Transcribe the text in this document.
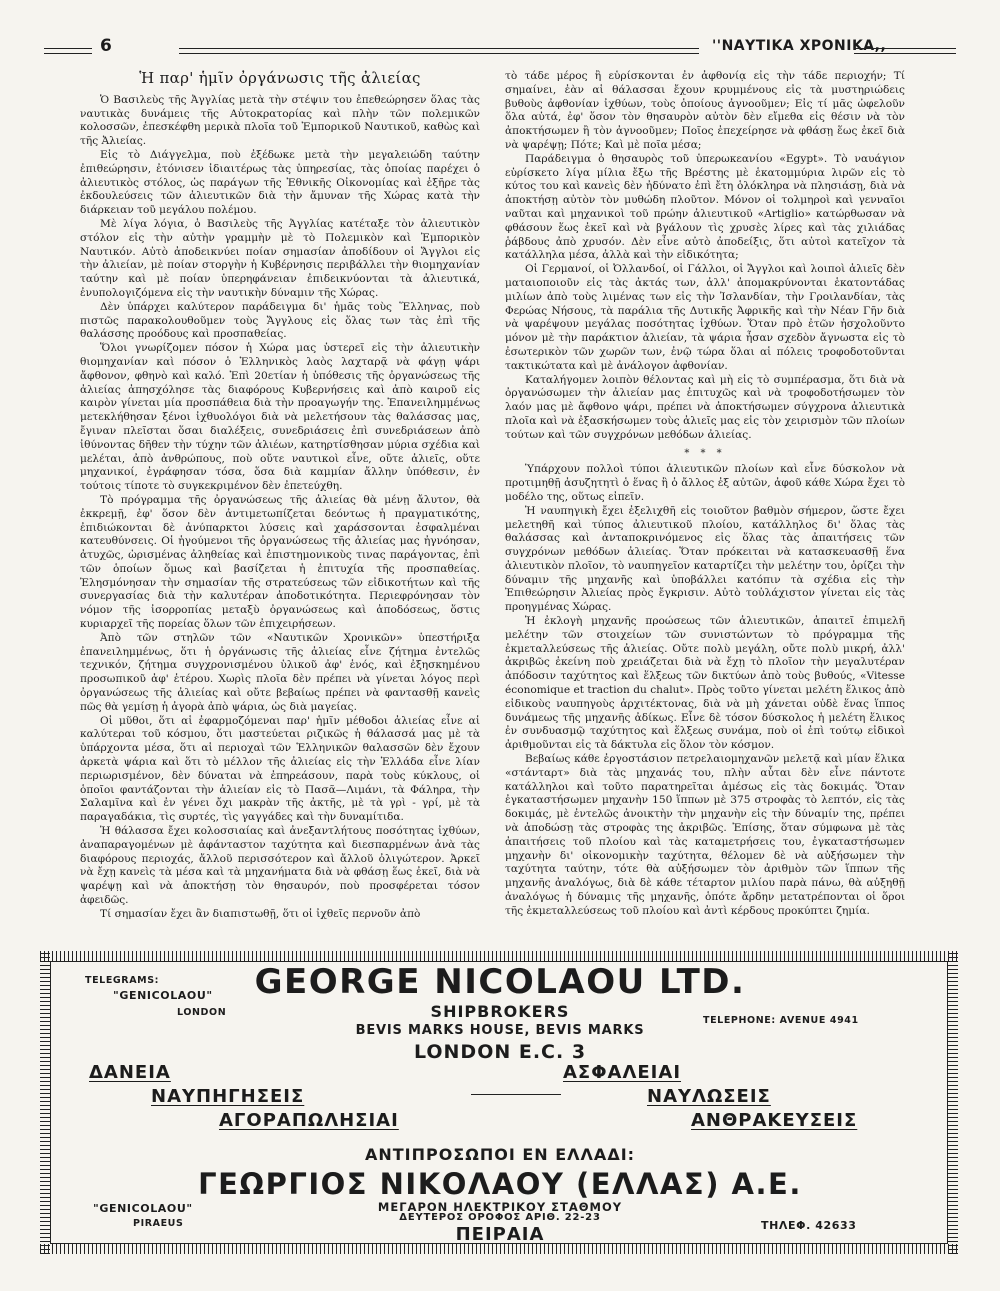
6	''ΝΑΥΤΙΚΑ ΧΡΟΝΙΚΑ,,
Ἡ παρ' ἡμῖν ὀργάνωσις τῆς ἀλιείας

Ὁ Βασιλεὺς τῆς Ἀγγλίας μετὰ τὴν στέψιν του ἐπεθεώρησεν ὅλας τὰς ναυτικὰς δυνάμεις τῆς Αὐτοκρατορίας καὶ πλὴν τῶν πολεμικῶν κολοσσῶν, ἐπεσκέφθη μερικὰ πλοῖα τοῦ Ἐμπορικοῦ Ναυτικοῦ, καθὼς καὶ τῆς Ἀλιείας.

Εἰς τὸ Διάγγελμα, ποὺ ἐξέδωκε μετὰ τὴν μεγαλειώδη ταύτην ἐπιθεώρησιν, ἐτόνισεν ἰδιαιτέρως τὰς ὑπηρεσίας, τὰς ὁποίας παρέχει ὁ ἀλιευτικὸς στόλος, ὡς παράγων τῆς Ἐθνικῆς Οἰκονομίας καὶ ἐξῆρε τὰς ἐκδουλεύσεις τῶν ἀλιευτικῶν διὰ τὴν ἄμυναν τῆς Χώρας κατὰ τὴν διάρκειαν τοῦ μεγάλου πολέμου.

Μὲ λίγα λόγια, ὁ Βασιλεὺς τῆς Ἀγγλίας κατέταξε τὸν ἀλιευτικὸν στόλον εἰς τὴν αὐτὴν γραμμὴν μὲ τὸ Πολεμικὸν καὶ Ἐμπορικὸν Ναυτικόν. Αὐτὸ ἀποδεικνύει ποίαν σημασίαν ἀποδίδουν οἱ Ἄγγλοι εἰς τὴν ἀλιείαν, μὲ ποίαν στοργὴν ἡ Κυβέρνησις περιβάλλει τὴν θιομηχανίαν ταύτην καὶ μὲ ποίαν ὑπερηφάνειαν ἐπιδεικνύονται τὰ ἀλιευτικά, ἐνυπολογιζόμενα εἰς τὴν ναυτικὴν δύναμιν τῆς Χώρας.

Δὲν ὑπάρχει καλύτερον παράδειγμα δι' ἡμᾶς τοὺς Ἕλληνας, ποὺ πιστῶς παρακολουθοῦμεν τοὺς Ἄγγλους εἰς ὅλας των τὰς ἐπὶ τῆς θαλάσσης προόδους καὶ προσπαθείας.

Ὅλοι γνωρίζομεν πόσον ἡ Χώρα μας ὑστερεῖ εἰς τὴν ἀλιευτικὴν θιομηχανίαν καὶ πόσον ὁ Ἑλληνικὸς λαὸς λαχταρᾷ νὰ φάγῃ ψάρι ἄφθονον, φθηνὸ καὶ καλό. Ἐπὶ 20ετίαν ἡ ὑπόθεσις τῆς ὀργανώσεως τῆς ἀλιείας ἀπησχόλησε τὰς διαφόρους Κυβερνήσεις καὶ ἀπὸ καιροῦ εἰς καιρὸν γίνεται μία προσπάθεια διὰ τὴν προαγωγήν της. Ἐπανειλημμένως μετεκλήθησαν ξένοι ἰχθυολόγοι διὰ νὰ μελετήσουν τὰς θαλάσσας μας, ἔγιναν πλεῖσται ὅσαι διαλέξεις, συνεδριάσεις ἐπὶ συνεδριάσεων ἀπὸ ἰθύνοντας δῆθεν τὴν τύχην τῶν ἀλιέων, κατηρτίσθησαν μύρια σχέδια καὶ μελέται, ἀπὸ ἀνθρώπους, ποὺ οὔτε ναυτικοὶ εἶνε, οὔτε ἀλιεῖς, οὔτε μηχανικοί, ἐγράφησαν τόσα, ὅσα διὰ καμμίαν ἄλλην ὑπόθεσιν, ἐν τούτοις τίποτε τὸ συγκεκριμένον δὲν ἐπετεύχθη.

Τὸ πρόγραμμα τῆς ὀργανώσεως τῆς ἀλιείας θὰ μένῃ ἄλυτον, θὰ ἐκκρεμῇ, ἐφ' ὅσον δὲν ἀντιμετωπίζεται δεόντως ἡ πραγματικότης, ἐπιδιώκονται δὲ ἀνύπαρκτοι λύσεις καὶ χαράσσονται ἐσφαλμέναι κατευθύνσεις. Οἱ ἡγούμενοι τῆς ὀργανώσεως τῆς ἀλιείας μας ἠγνόησαν, ἀτυχῶς, ὡρισμένας ἀληθείας καὶ ἐπιστημονικοὺς τινας παράγοντας, ἐπὶ τῶν ὁποίων ὅμως καὶ βασίζεται ἡ ἐπιτυχία τῆς προσπαθείας. Ἐλησμόνησαν τὴν σημασίαν τῆς στρατεύσεως τῶν εἰδικοτήτων καὶ τῆς συνεργασίας διὰ τὴν καλυτέραν ἀποδοτικότητα. Περιεφρόνησαν τὸν νόμον τῆς ἰσορροπίας μεταξὺ ὀργανώσεως καὶ ἀποδόσεως, ὅστις κυριαρχεῖ τῆς πορείας ὅλων τῶν ἐπιχειρήσεων.

Ἀπὸ τῶν στηλῶν τῶν «Ναυτικῶν Χρονικῶν» ὑπεστήριξα ἐπανειλημμένως, ὅτι ἡ ὀργάνωσις τῆς ἀλιείας εἶνε ζήτημα ἐντελῶς τεχνικόν, ζήτημα συγχρονισμένου ὑλικοῦ ἀφ' ἑνός, καὶ ἐξησκημένου προσωπικοῦ ἀφ' ἑτέρου. Χωρὶς πλοῖα δὲν πρέπει νὰ γίνεται λόγος περὶ ὀργανώσεως τῆς ἀλιείας καὶ οὔτε βεβαίως πρέπει νὰ φαντασθῇ κανεὶς πῶς θὰ γεμίσῃ ἡ ἀγορὰ ἀπὸ ψάρια, ὡς διὰ μαγείας.

Οἱ μῦθοι, ὅτι αἱ ἐφαρμοζόμεναι παρ' ἡμῖν μέθοδοι ἀλιείας εἶνε αἱ καλύτεραι τοῦ κόσμου, ὅτι μαστεύεται ριζικῶς ἡ θάλασσά μας μὲ τὰ ὑπάρχοντα μέσα, ὅτι αἱ περιοχαὶ τῶν Ἑλληνικῶν θαλασσῶν δὲν ἔχουν ἀρκετὰ ψάρια καὶ ὅτι τὸ μέλλον τῆς ἀλιείας εἰς τὴν Ἑλλάδα εἶνε λίαν περιωρισμένον, δὲν δύναται νὰ ἐπηρεάσουν, παρὰ τοὺς κύκλους, οἱ ὁποῖοι φαντάζονται τὴν ἀλιείαν εἰς τὸ Πασᾶ—Λιμάνι, τὰ Φάληρα, τὴν Σαλαμῖνα καὶ ἐν γένει ὄχι μακρὰν τῆς ἀκτῆς, μὲ τὰ γρὶ - γρί, μὲ τὰ παραγαδάκια, τὶς συρτές, τὶς γαγγάδες καὶ τὴν δυναμίτιδα.

Ἡ θάλασσα ἔχει κολοσσιαίας καὶ ἀνεξαντλήτους ποσότητας ἰχθύων, ἀναπαραγομένων μὲ ἀφάνταστον ταχύτητα καὶ διεσπαρμένων ἀνὰ τὰς διαφόρους περιοχάς, ἄλλοῦ περισσότερον καὶ ἄλλοῦ ὀλιγώτερον. Ἀρκεῖ νὰ ἔχῃ κανεὶς τὰ μέσα καὶ τὰ μηχανήματα διὰ νὰ φθάσῃ ἕως ἐκεῖ, διὰ νὰ ψαρέψῃ καὶ νὰ ἀποκτήσῃ τὸν θησαυρόν, ποὺ προσφέρεται τόσον ἀφειδῶς.

Τί σημασίαν ἔχει ἂν διαπιστωθῇ, ὅτι οἱ ἰχθεῖς περνοῦν ἀπὸ

τὸ τάδε μέρος ἢ εὑρίσκονται ἐν ἀφθονίᾳ εἰς τὴν τάδε περιοχήν; Τί σημαίνει, ἐὰν αἱ θάλασσαι ἔχουν κρυμμένους εἰς τὰ μυστηριώδεις βυθοὺς ἀφθονίαν ἰχθύων, τοὺς ὁποίους ἀγνοοῦμεν; Εἰς τί μᾶς ὠφελοῦν ὅλα αὐτά, ἐφ' ὅσον τὸν θησαυρὸν αὐτὸν δὲν εἴμεθα εἰς θέσιν νὰ τὸν ἀποκτήσωμεν ἢ τὸν ἀγνοοῦμεν; Ποῖος ἐπεχείρησε νὰ φθάσῃ ἕως ἐκεῖ διὰ νὰ ψαρέψῃ; Πότε; Καὶ μὲ ποῖα μέσα;

Παράδειγμα ὁ θησαυρὸς τοῦ ὑπερωκεανίου «Egypt». Τὸ ναυάγιον εὑρίσκετο λίγα μίλια ἔξω τῆς Βρέστης μὲ ἑκατομμύρια λιρῶν εἰς τὸ κύτος του καὶ κανεὶς δὲν ἠδύνατο ἐπὶ ἔτη ὁλόκληρα νὰ πλησιάσῃ, διὰ νὰ ἀποκτήσῃ αὐτὸν τὸν μυθώδη πλοῦτον. Μόνον οἱ τολμηροὶ καὶ γενναῖοι ναῦται καὶ μηχανικοὶ τοῦ πρώην ἀλιευτικοῦ «Artiglio» κατώρθωσαν νὰ φθάσουν ἕως ἐκεῖ καὶ νὰ βγάλουν τὶς χρυσὲς λίρες καὶ τὰς χιλιάδας ῥάβδους ἀπὸ χρυσόν. Δὲν εἶνε αὐτὸ ἀποδείξις, ὅτι αὐτοὶ κατεῖχον τὰ κατάλληλα μέσα, ἀλλὰ καὶ τὴν εἰδικότητα;

Οἱ Γερμανοί, οἱ Ὀλλανδοί, οἱ Γάλλοι, οἱ Ἄγγλοι καὶ λοιποὶ ἀλιεῖς δὲν ματαιοποιοῦν εἰς τὰς ἀκτάς των, ἀλλ' ἀπομακρύνονται ἑκατοντάδας μιλίων ἀπὸ τοὺς λιμένας των εἰς τὴν Ἰσλανδίαν, τὴν Γροιλανδίαν, τὰς Φερώας Νήσους, τὰ παράλια τῆς Δυτικῆς Ἀφρικῆς καὶ τὴν Νέαν Γῆν διὰ νὰ ψαρέψουν μεγάλας ποσότητας ἰχθύων. Ὅταν πρὸ ἐτῶν ἠσχολοῦντο μόνον μὲ τὴν παράκτιον ἀλιείαν, τὰ ψάρια ἦσαν σχεδὸν ἄγνωστα εἰς τὸ ἐσωτερικὸν τῶν χωρῶν των, ἐνῷ τώρα ὅλαι αἱ πόλεις τροφοδοτοῦνται τακτικώτατα καὶ μὲ ἀνάλογον ἀφθονίαν.

Καταλήγομεν λοιπὸν θέλοντας καὶ μὴ εἰς τὸ συμπέρασμα, ὅτι διὰ νὰ ὀργανώσωμεν τὴν ἀλιείαν μας ἐπιτυχῶς καὶ νὰ τροφοδοτήσωμεν τὸν λαόν μας μὲ ἄφθονο ψάρι, πρέπει νὰ ἀποκτήσωμεν σύγχρονα ἀλιευτικὰ πλοῖα καὶ νὰ ἐξασκήσωμεν τοὺς ἀλιεῖς μας εἰς τὸν χειρισμὸν τῶν πλοίων τούτων καὶ τῶν συγχρόνων μεθόδων ἀλιείας.

* * *

Ὑπάρχουν πολλοὶ τύποι ἀλιευτικῶν πλοίων καὶ εἶνε δύσκολον νὰ προτιμηθῇ ἀσυζητητὶ ὁ ἕνας ἢ ὁ ἄλλος ἐξ αὐτῶν, ἀφοῦ κάθε Χώρα ἔχει τὸ μοδέλο της, οὕτως εἰπεῖν.

Ἡ ναυπηγικὴ ἔχει ἐξελιχθῆ εἰς τοιοῦτον βαθμὸν σήμερον, ὥστε ἔχει μελετηθῆ καὶ τύπος ἀλιευτικοῦ πλοίου, κατάλληλος δι' ὅλας τὰς θαλάσσας καὶ ἀνταποκρινόμενος εἰς ὅλας τὰς ἀπαιτήσεις τῶν συγχρόνων μεθόδων ἀλιείας. Ὅταν πρόκειται νὰ κατασκευασθῇ ἕνα ἀλιευτικὸν πλοῖον, τὸ ναυπηγεῖον καταρτίζει τὴν μελέτην του, ὁρίζει τὴν δύναμιν τῆς μηχανῆς καὶ ὑποβάλλει κατόπιν τὰ σχέδια εἰς τὴν Ἐπιθεώρησιν Ἀλιείας πρὸς ἔγκρισιν. Αὐτὸ τοὐλάχιστον γίνεται εἰς τὰς προηγμένας Χώρας.

Ἡ ἐκλογὴ μηχανῆς προώσεως τῶν ἀλιευτικῶν, ἀπαιτεῖ ἐπιμελῆ μελέτην τῶν στοιχείων τῶν συνιστώντων τὸ πρόγραμμα τῆς ἐκμεταλλεύσεως τῆς ἀλιείας. Οὔτε πολὺ μεγάλη, οὔτε πολὺ μικρή, ἀλλ' ἀκριβῶς ἐκείνη ποὺ χρειάζεται διὰ νὰ ἔχῃ τὸ πλοῖον τὴν μεγαλυτέραν ἀπόδοσιν ταχύτητος καὶ ἕλξεως τῶν δικτύων ἀπὸ τοὺς βυθούς, «Vitesse économique et traction du chalut». Πρὸς τοῦτο γίνεται μελέτη ἕλικος ἀπὸ εἰδικοὺς ναυπηγοὺς ἀρχιτέκτονας, διὰ νὰ μὴ χάνεται οὐδὲ ἕνας ἵππος δυνάμεως τῆς μηχανῆς ἀδίκως. Εἶνε δὲ τόσον δύσκολος ἡ μελέτη ἕλικος ἐν συνδυασμῷ ταχύτητος καὶ ἕλξεως συνάμα, ποὺ οἱ ἐπὶ τούτῳ εἰδικοὶ ἀριθμοῦνται εἰς τὰ δάκτυλα εἰς ὅλον τὸν κόσμον.

Βεβαίως κάθε ἐργοστάσιον πετρελαιομηχανῶν μελετᾷ καὶ μίαν ἕλικα «στάνταρτ» διὰ τὰς μηχανάς του, πλὴν αὗται δὲν εἶνε πάντοτε κατάλληλοι καὶ τοῦτο παρατηρεῖται ἀμέσως εἰς τὰς δοκιμάς. Ὅταν ἐγκαταστήσωμεν μηχανὴν 150 ἵππων μὲ 375 στροφὰς τὸ λεπτόν, εἰς τὰς δοκιμάς, μὲ ἐντελῶς ἀνοικτὴν τὴν μηχανὴν εἰς τὴν δύναμίν της, πρέπει νὰ ἀποδώσῃ τὰς στροφὰς της ἀκριβῶς. Ἐπίσης, ὅταν σύμφωνα μὲ τὰς ἀπαιτήσεις τοῦ πλοίου καὶ τὰς καταμετρήσεις του, ἐγκαταστήσωμεν μηχανὴν δι' οἰκονομικὴν ταχύτητα, θέλομεν δὲ νὰ αὐξήσωμεν τὴν ταχύτητα ταύτην, τότε θὰ αὐξήσωμεν τὸν ἀριθμὸν τῶν ἵππων τῆς μηχανῆς ἀναλόγως, διὰ δὲ κάθε τέταρτον μιλίου παρὰ πάνω, θὰ αὐξηθῇ ἀναλόγως ἡ δύναμις τῆς μηχανῆς, ὁπότε ἄρδην μετατρέπονται οἱ ὅροι τῆς ἐκμεταλλεύσεως τοῦ πλοίου καὶ ἀντὶ κέρδους προκύπτει ζημία.

TELEGRAMS:
"GENICOLAOU"
LONDON
GEORGE NICOLAOU LTD.
SHIPBROKERS
BEVIS MARKS HOUSE, BEVIS MARKS
LONDON E.C. 3
TELEPHONE: AVENUE 4941
ΔΑΝΕΙΑ	ΑΣΦΑΛΕΙΑΙ
ΝΑΥΠΗΓΗΣΕΙΣ	ΝΑΥΛΩΣΕΙΣ
ΑΓΟΡΑΠΩΛΗΣΙΑΙ	ΑΝΘΡΑΚΕΥΣΕΙΣ
ΑΝΤΙΠΡΟΣΩΠΟΙ ΕΝ ΕΛΛΑΔΙ:
ΓΕΩΡΓΙΟΣ ΝΙΚΟΛΑΟΥ (ΕΛΛΑΣ) Α.Ε.
"GENICOLAOU"
PIRAEUS
ΜΕΓΑΡΟΝ ΗΛΕΚΤΡΙΚΟΥ ΣΤΑΘΜΟΥ
ΔΕΥΤΕΡΟΣ ΟΡΟΦΟΣ ΑΡΙΘ. 22-23
ΠΕΙΡΑΙΑ	ΤΗΛΕΦ. 42633
